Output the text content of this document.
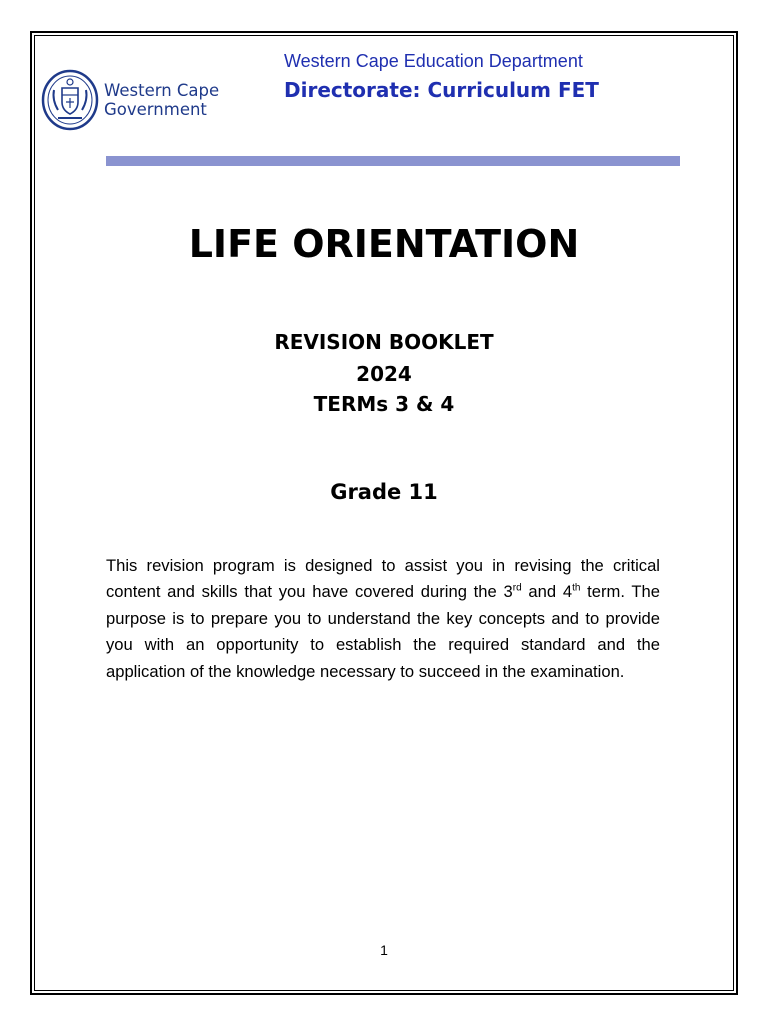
Western Cape
Government
Western Cape Education Department
Directorate: Curriculum FET
LIFE ORIENTATION
REVISION BOOKLET
2024
TERMs 3 & 4
Grade 11
This revision program is designed to assist you in revising the critical content and skills that you have covered during the 3rd and 4th term. The purpose is to prepare you to understand the key concepts and to provide you with an opportunity to establish the required standard and the application of the knowledge necessary to succeed in the examination.
1
